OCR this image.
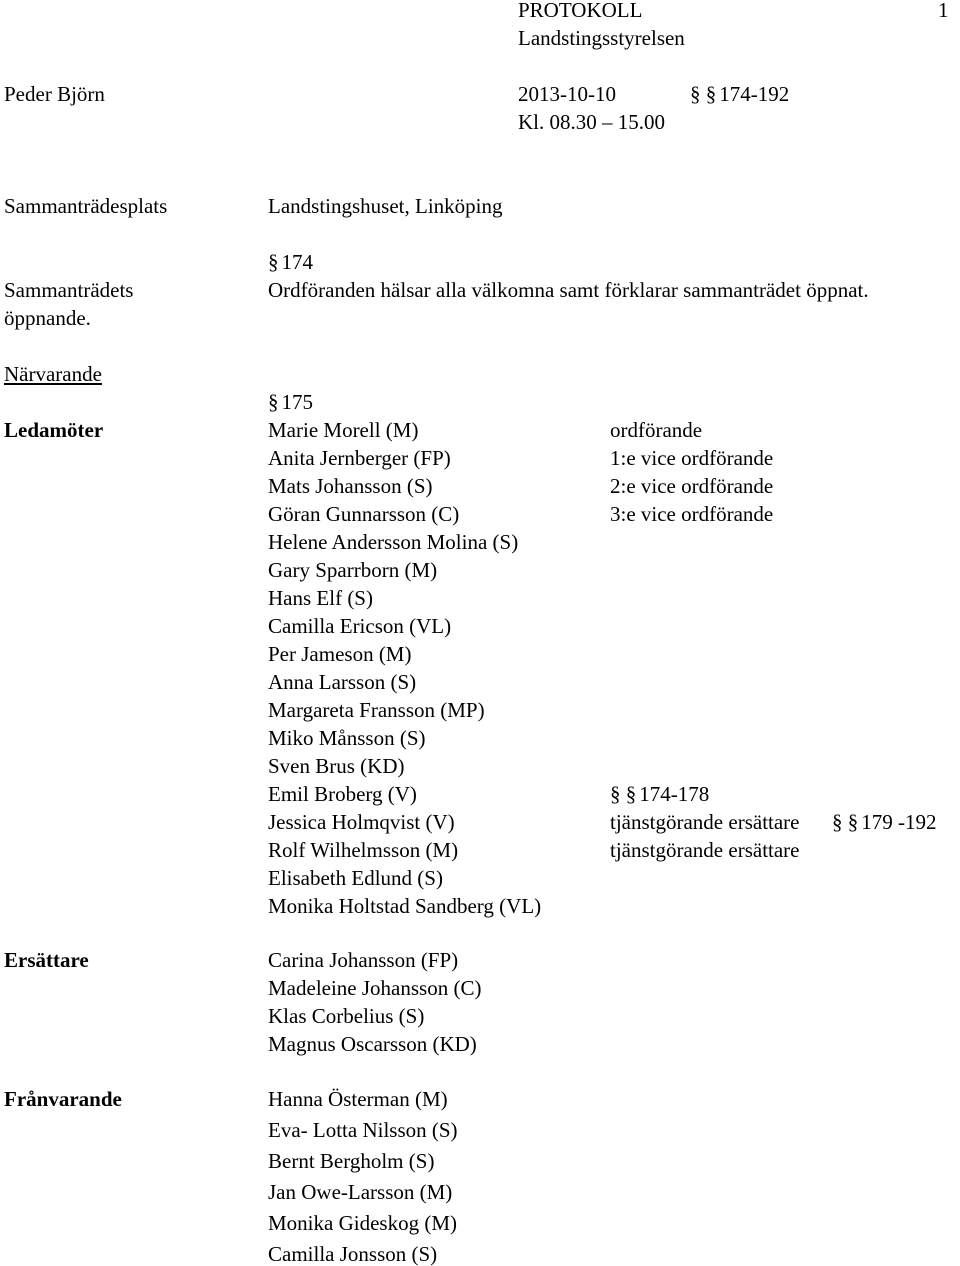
PROTOKOLL	1
Landstingsstyrelsen
Peder Björn	2013-10-10	§ § 174-192
Kl. 08.30 – 15.00
Sammanträdesplats	Landstingshuset, Linköping
§ 174
Sammanträdets
öppnande.
Ordföranden hälsar alla välkomna samt förklarar sammanträdet öppnat.
Närvarande
§ 175
Ledamöter	Marie Morell (M)	ordförande
Anita Jernberger (FP)	1:e vice ordförande
Mats Johansson (S)	2:e vice ordförande
Göran Gunnarsson (C)	3:e vice ordförande
Helene Andersson Molina (S)
Gary Sparrborn (M)
Hans Elf (S)
Camilla Ericson (VL)
Per Jameson (M)
Anna Larsson (S)
Margareta Fransson (MP)
Miko Månsson (S)
Sven Brus (KD)
Emil Broberg (V)	§ § 174-178
Jessica Holmqvist (V)	tjänstgörande ersättare	§ § 179 -192
Rolf Wilhelmsson (M)	tjänstgörande ersättare
Elisabeth Edlund (S)
Monika Holtstad Sandberg (VL)
Ersättare	Carina Johansson (FP)
Madeleine Johansson (C)
Klas Corbelius (S)
Magnus Oscarsson (KD)
Frånvarande	Hanna Österman (M)
Eva- Lotta Nilsson (S)
Bernt Bergholm (S)
Jan Owe-Larsson (M)
Monika Gideskog (M)
Camilla Jonsson (S)
